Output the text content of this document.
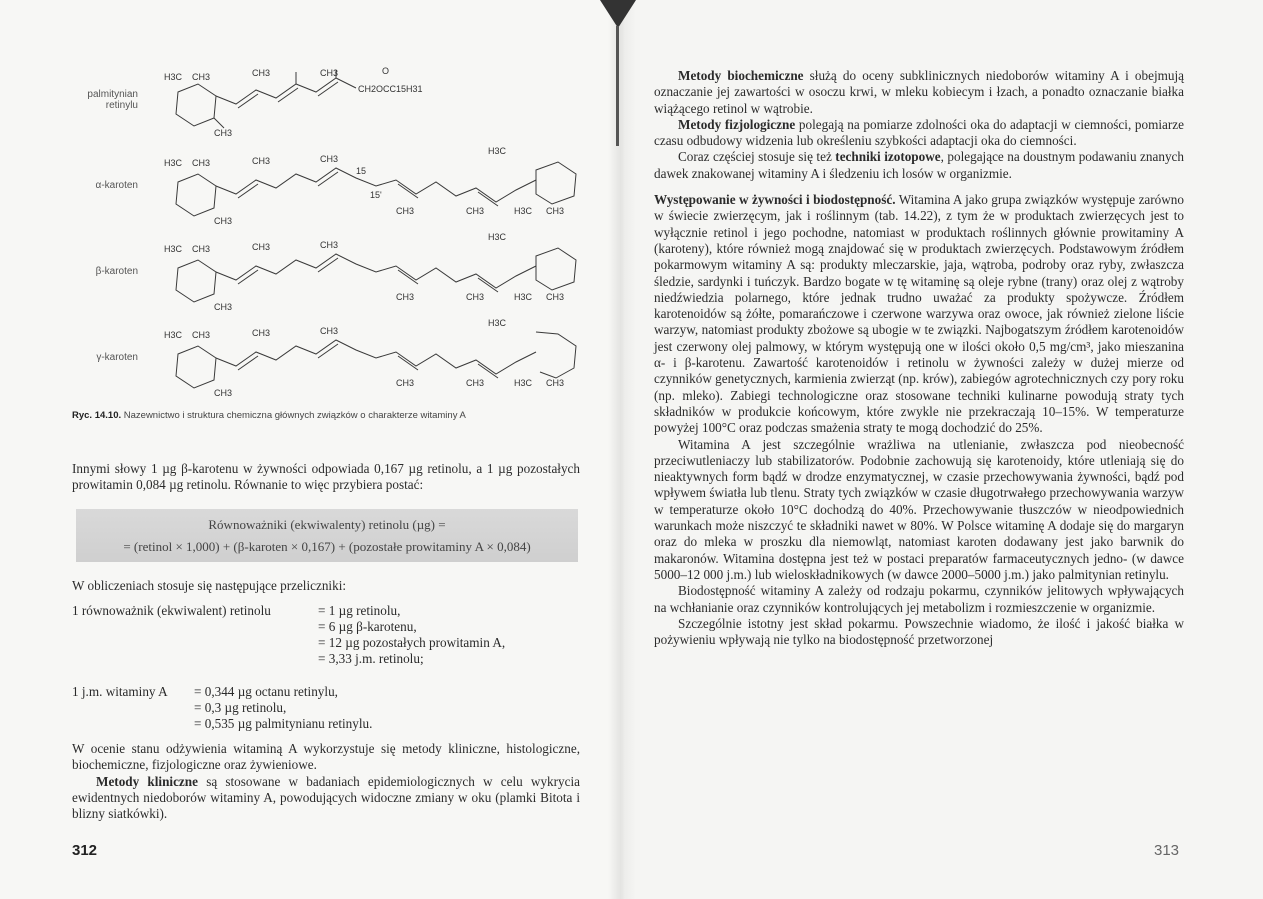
palmitynian retinylu
α-karoten
β-karoten
γ-karoten
H3C CH3	CH3	CH3	O
CH2OCC15H31
CH3
H3C CH3	CH3	CH3
15
15'
CH3	CH3
H3C
H3C CH3
CH3
H3C CH3	CH3	CH3
CH3	CH3
H3C
H3C CH3
CH3
H3C CH3	CH3	CH3
CH3	CH3
H3C
H3C CH3
CH3
Ryc. 14.10. Nazewnictwo i struktura chemiczna głównych związków o charakterze witaminy A

Innymi słowy 1 µg β-karotenu w żywności odpowiada 0,167 µg retinolu, a 1 µg pozostałych prowitamin 0,084 µg retinolu. Równanie to więc przybiera postać:

Równoważniki (ekwiwalenty) retinolu (µg) =
= (retinol × 1,000) + (β-karoten × 0,167) + (pozostałe prowitaminy A × 0,084)

W obliczeniach stosuje się następujące przeliczniki:

1 równoważnik (ekwiwalent) retinolu	= 1 µg retinolu,
= 6 µg β-karotenu,
= 12 µg pozostałych prowitamin A,
= 3,33 j.m. retinolu;
1 j.m. witaminy A = 0,344 µg octanu retinylu,
= 0,3 µg retinolu,
= 0,535 µg palmitynianu retinylu.

W ocenie stanu odżywienia witaminą A wykorzystuje się metody kliniczne, histologiczne, biochemiczne, fizjologiczne oraz żywieniowe.

Metody kliniczne są stosowane w badaniach epidemiologicznych w celu wykrycia ewidentnych niedoborów witaminy A, powodujących widoczne zmiany w oku (plamki Bitota i blizny siatkówki).

312

Metody biochemiczne służą do oceny subklinicznych niedoborów witaminy A i obejmują oznaczanie jej zawartości w osoczu krwi, w mleku kobiecym i łzach, a ponadto oznaczanie białka wiążącego retinol w wątrobie.

Metody fizjologiczne polegają na pomiarze zdolności oka do adaptacji w ciemności, pomiarze czasu odbudowy widzenia lub określeniu szybkości adaptacji oka do ciemności.

Coraz częściej stosuje się też techniki izotopowe, polegające na doustnym podawaniu znanych dawek znakowanej witaminy A i śledzeniu ich losów w organizmie.

Występowanie w żywności i biodostępność. Witamina A jako grupa związków występuje zarówno w świecie zwierzęcym, jak i roślinnym (tab. 14.22), z tym że w produktach zwierzęcych jest to wyłącznie retinol i jego pochodne, natomiast w produktach roślinnych głównie prowitaminy A (karoteny), które również mogą znajdować się w produktach zwierzęcych. Podstawowym źródłem pokarmowym witaminy A są: produkty mleczarskie, jaja, wątroba, podroby oraz ryby, zwłaszcza śledzie, sardynki i tuńczyk. Bardzo bogate w tę witaminę są oleje rybne (trany) oraz olej z wątroby niedźwiedzia polarnego, które jednak trudno uważać za produkty spożywcze. Źródłem karotenoidów są żółte, pomarańczowe i czerwone warzywa oraz owoce, jak również zielone liście warzyw, natomiast produkty zbożowe są ubogie w te związki. Najbogatszym źródłem karotenoidów jest czerwony olej palmowy, w którym występują one w ilości około 0,5 mg/cm³, jako mieszanina α- i β-karotenu. Zawartość karotenoidów i retinolu w żywności zależy w dużej mierze od czynników genetycznych, karmienia zwierząt (np. krów), zabiegów agrotechnicznych czy pory roku (np. mleko). Zabiegi technologiczne oraz stosowane techniki kulinarne powodują straty tych składników w produkcie końcowym, które zwykle nie przekraczają 10–15%. W temperaturze powyżej 100°C oraz podczas smażenia straty te mogą dochodzić do 25%.

Witamina A jest szczególnie wrażliwa na utlenianie, zwłaszcza pod nieobecność przeciwutleniaczy lub stabilizatorów. Podobnie zachowują się karotenoidy, które utleniają się do nieaktywnych form bądź w drodze enzymatycznej, w czasie przechowywania żywności, bądź pod wpływem światła lub tlenu. Straty tych związków w czasie długotrwałego przechowywania warzyw w temperaturze około 10°C dochodzą do 40%. Przechowywanie tłuszczów w nieodpowiednich warunkach może niszczyć te składniki nawet w 80%. W Polsce witaminę A dodaje się do margaryn oraz do mleka w proszku dla niemowląt, natomiast karoten dodawany jest jako barwnik do makaronów. Witamina dostępna jest też w postaci preparatów farmaceutycznych jedno- (w dawce 5000–12 000 j.m.) lub wieloskładnikowych (w dawce 2000–5000 j.m.) jako palmitynian retinylu.

Biodostępność witaminy A zależy od rodzaju pokarmu, czynników jelitowych wpływających na wchłanianie oraz czynników kontrolujących jej metabolizm i rozmieszczenie w organizmie.

Szczególnie istotny jest skład pokarmu. Powszechnie wiadomo, że ilość i jakość białka w pożywieniu wpływają nie tylko na biodostępność przetworzonej

313
